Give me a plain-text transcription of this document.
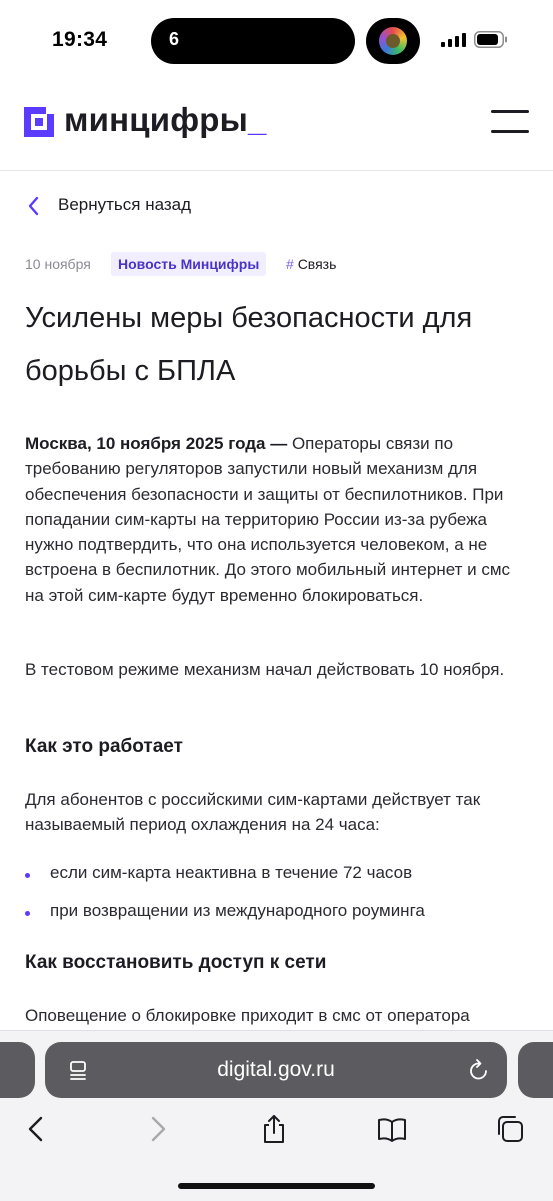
19:34	6
минцифры_
Вернуться назад
10 ноября	Новость Минцифры	# Связь
Усилены меры безопасности для борьбы с БПЛА
Москва, 10 ноября 2025 года — Операторы связи по требованию регуляторов запустили новый механизм для обеспечения безопасности и защиты от беспилотников. При попадании сим-карты на территорию России из-за рубежа нужно подтвердить, что она используется человеком, а не встроена в беспилотник. До этого мобильный интернет и смс на этой сим-карте будут временно блокироваться.
В тестовом режиме механизм начал действовать 10 ноября.
Как это работает
Для абонентов с российскими сим-картами действует так называемый период охлаждения на 24 часа:
если сим-карта неактивна в течение 72 часов
при возвращении из международного роуминга
Как восстановить доступ к сети
Оповещение о блокировке приходит в смс от оператора
digital.gov.ru
